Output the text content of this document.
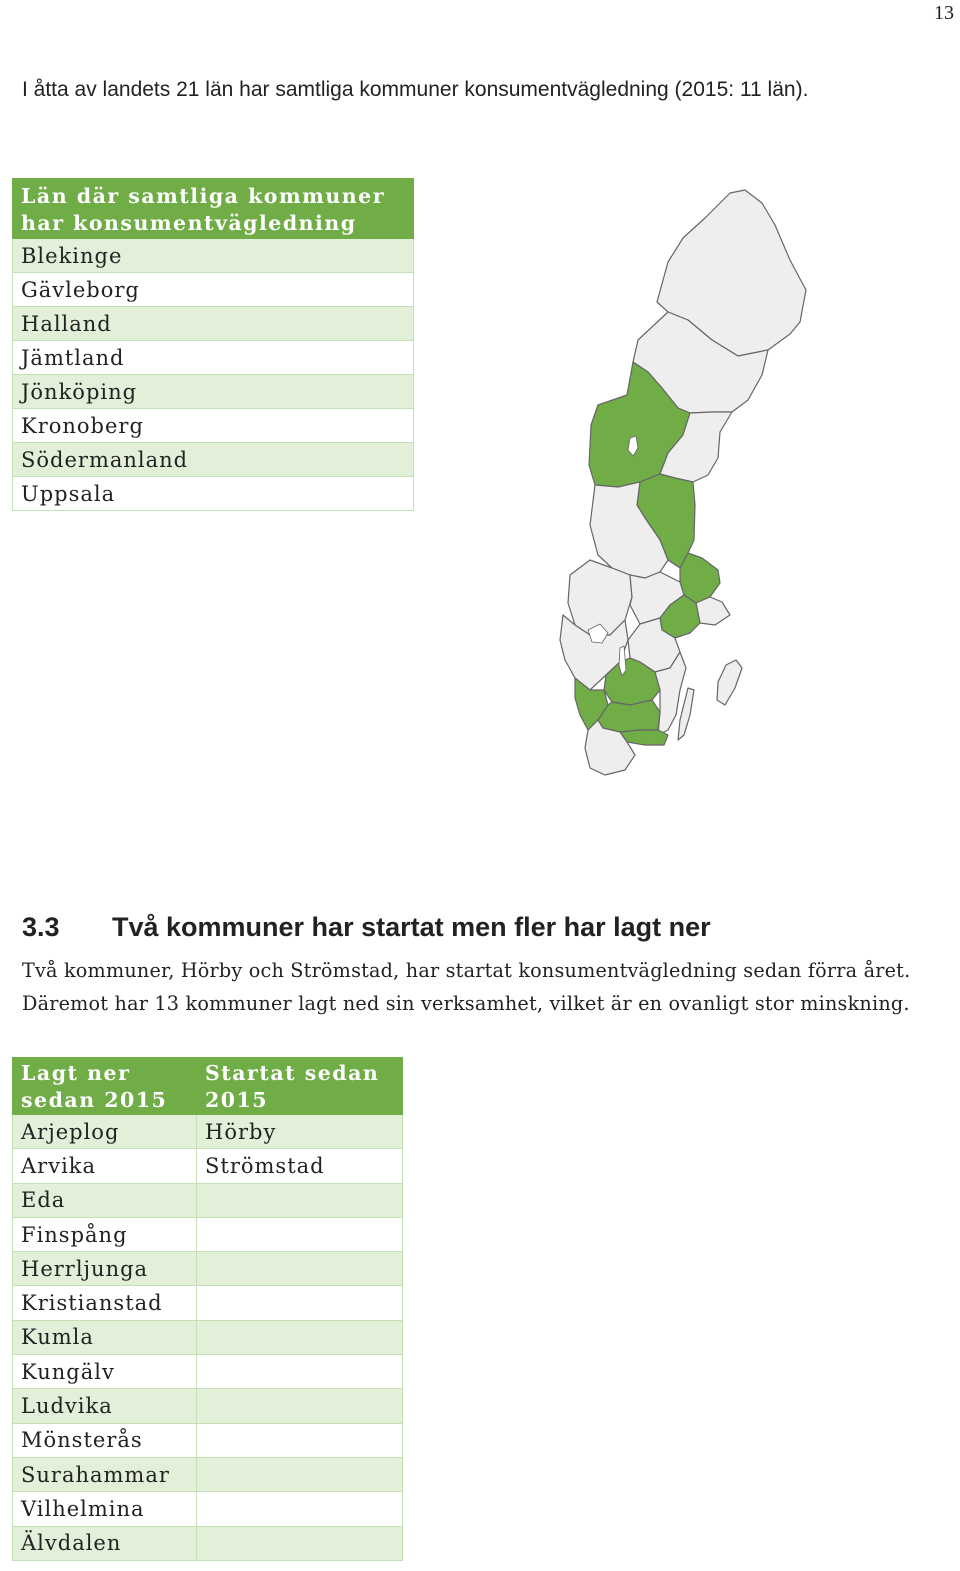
13
I åtta av landets 21 län har samtliga kommuner konsumentvägledning (2015: 11 län).
Län där samtliga kommuner har konsumentvägledning
Blekinge
Gävleborg
Halland
Jämtland
Jönköping
Kronoberg
Södermanland
Uppsala
3.3 Två kommuner har startat men fler har lagt ner

Två kommuner, Hörby och Strömstad, har startat konsumentvägledning sedan förra året.

Däremot har 13 kommuner lagt ned sin verksamhet, vilket är en ovanligt stor minskning.

Lagt ner sedan 2015	Startat sedan 2015
Arjeplog	Hörby
Arvika	Strömstad
Eda	
Finspång	
Herrljunga	
Kristianstad	
Kumla	
Kungälv	
Ludvika	
Mönsterås	
Surahammar	
Vilhelmina	
Älvdalen	
